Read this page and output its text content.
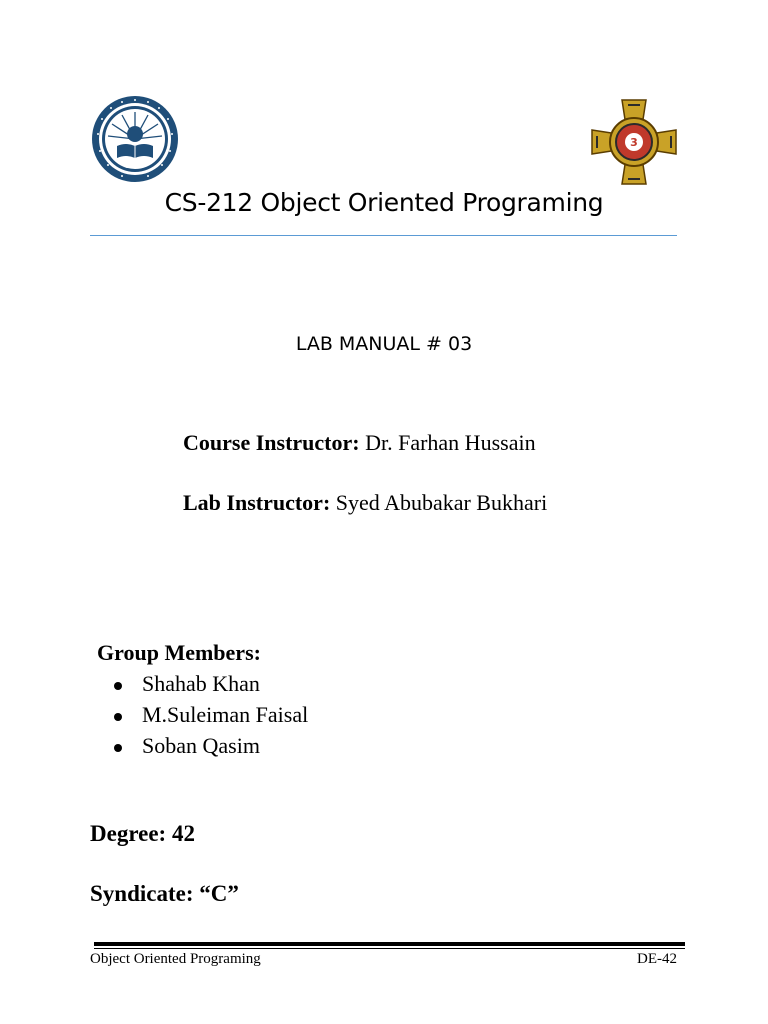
3
CS-212 Object Oriented Programing
LAB MANUAL # 03
Course Instructor: Dr. Farhan Hussain
Lab Instructor: Syed Abubakar Bukhari
Group Members:
Shahab Khan
M.Suleiman Faisal
Soban Qasim
Degree: 42
Syndicate: “C”
Object Oriented Programing	DE-42
